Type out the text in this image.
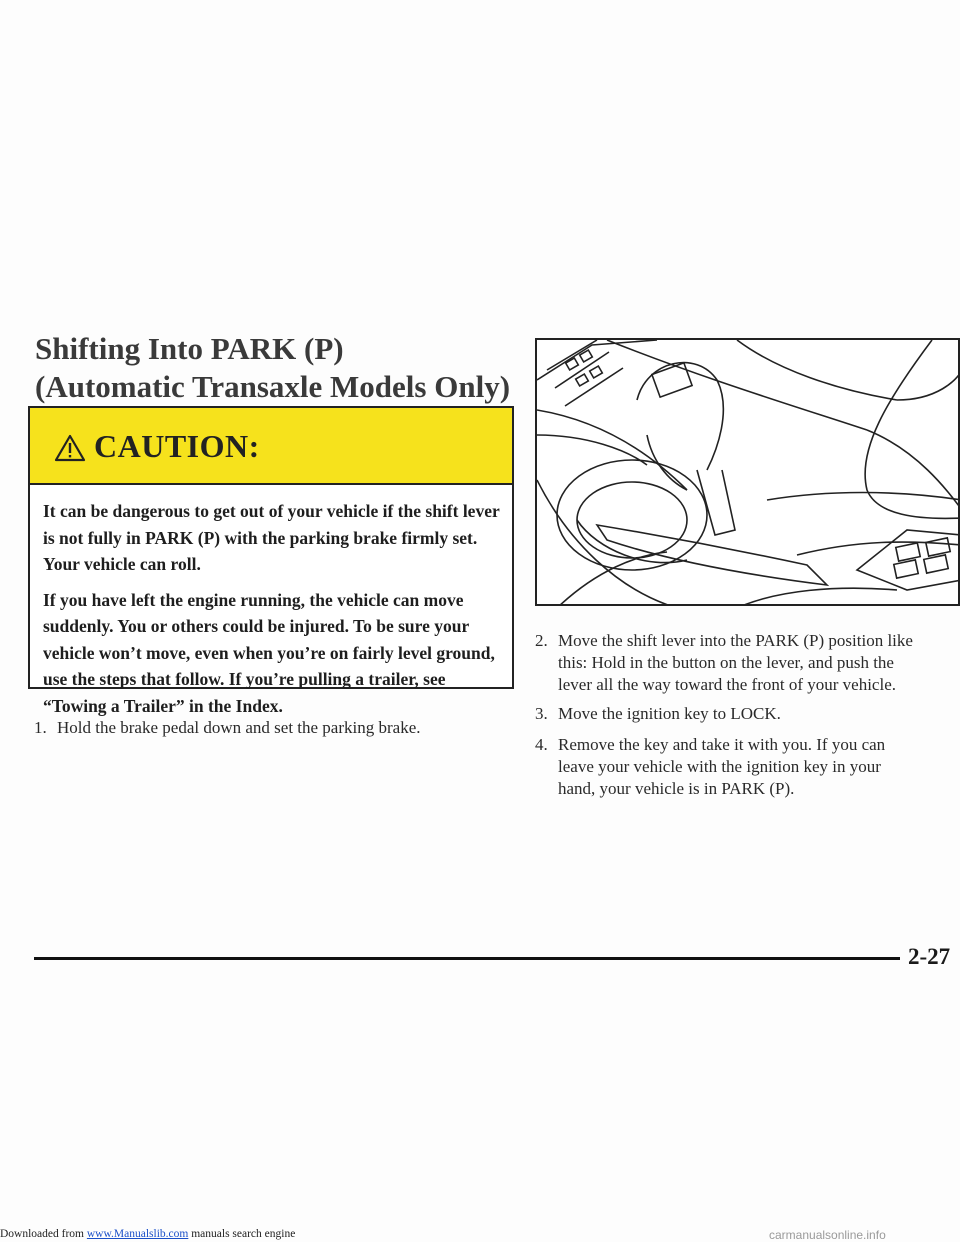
Shifting Into PARK (P)
(Automatic Transaxle Models Only)
CAUTION:

It can be dangerous to get out of your vehicle if the shift lever is not fully in PARK (P) with the parking brake firmly set. Your vehicle can roll.

If you have left the engine running, the vehicle can move suddenly. You or others could be injured. To be sure your vehicle won’t move, even when you’re on fairly level ground, use the steps that follow. If you’re pulling a trailer, see “Towing a Trailer” in the Index.

1. Hold the brake pedal down and set the parking brake.
2. Move the shift lever into the PARK (P) position like
this: Hold in the button on the lever, and push the
lever all the way toward the front of your vehicle.
3. Move the ignition key to LOCK.
4. Remove the key and take it with you. If you can
leave your vehicle with the ignition key in your
hand, your vehicle is in PARK (P).
2-27
Downloaded from www.Manualslib.com manuals search engine	carmanualsonline.info
